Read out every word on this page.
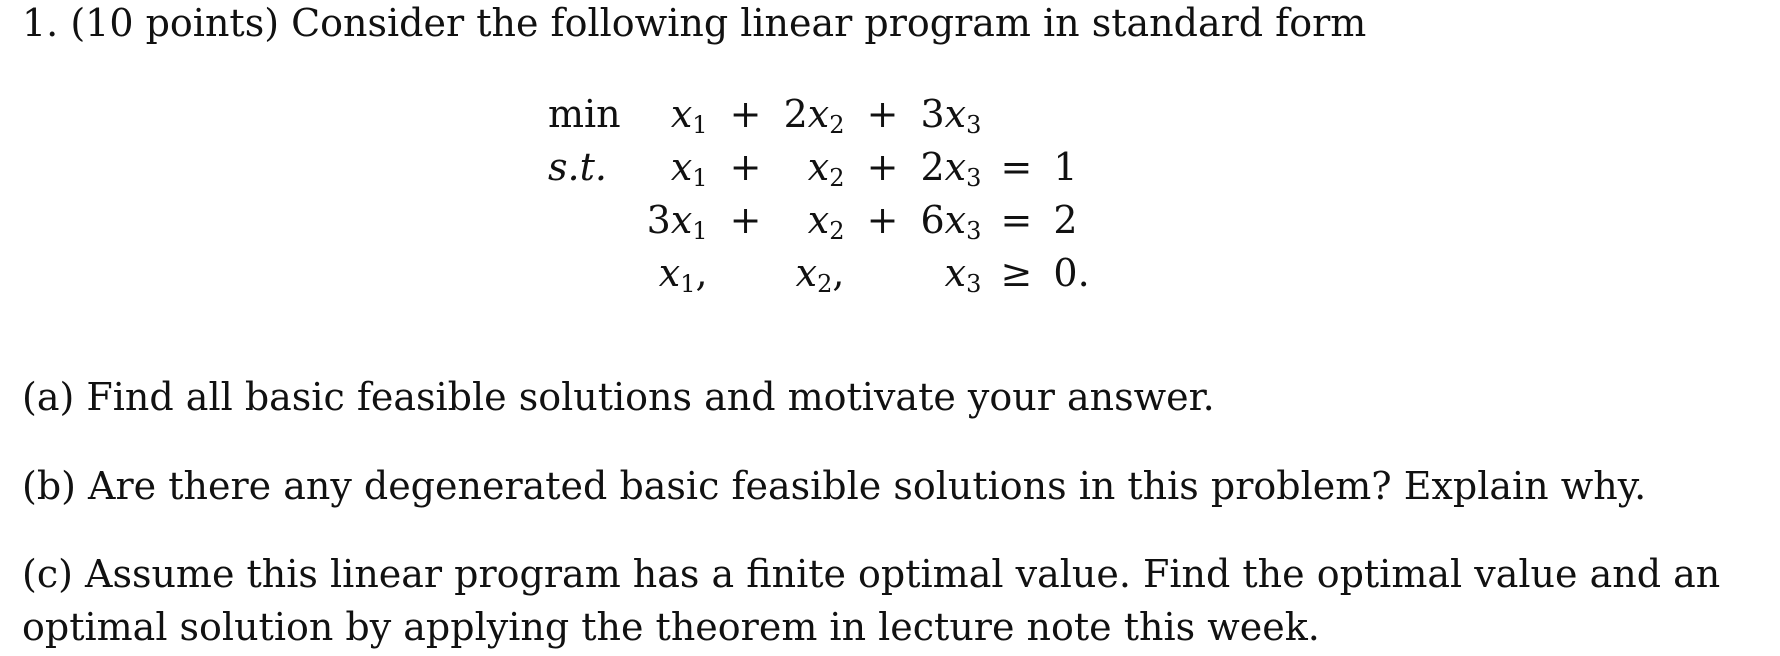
1. (10 points) Consider the following linear program in standard form
min	$x_1$	+	$2x_2$	+	$3x_3$		
s.t.	$x_1$	+	$x_2$	+	$2x_3$	=	1
	$3x_1$	+	$x_2$	+	$6x_3$	=	2
	$x_1$,		$x_2$,		$x_3$	≥	0.
(a) Find all basic feasible solutions and motivate your answer.
(b) Are there any degenerated basic feasible solutions in this problem? Explain why.
(c) Assume this linear program has a finite optimal value. Find the optimal value and an optimal solution by applying the theorem in lecture note this week.
